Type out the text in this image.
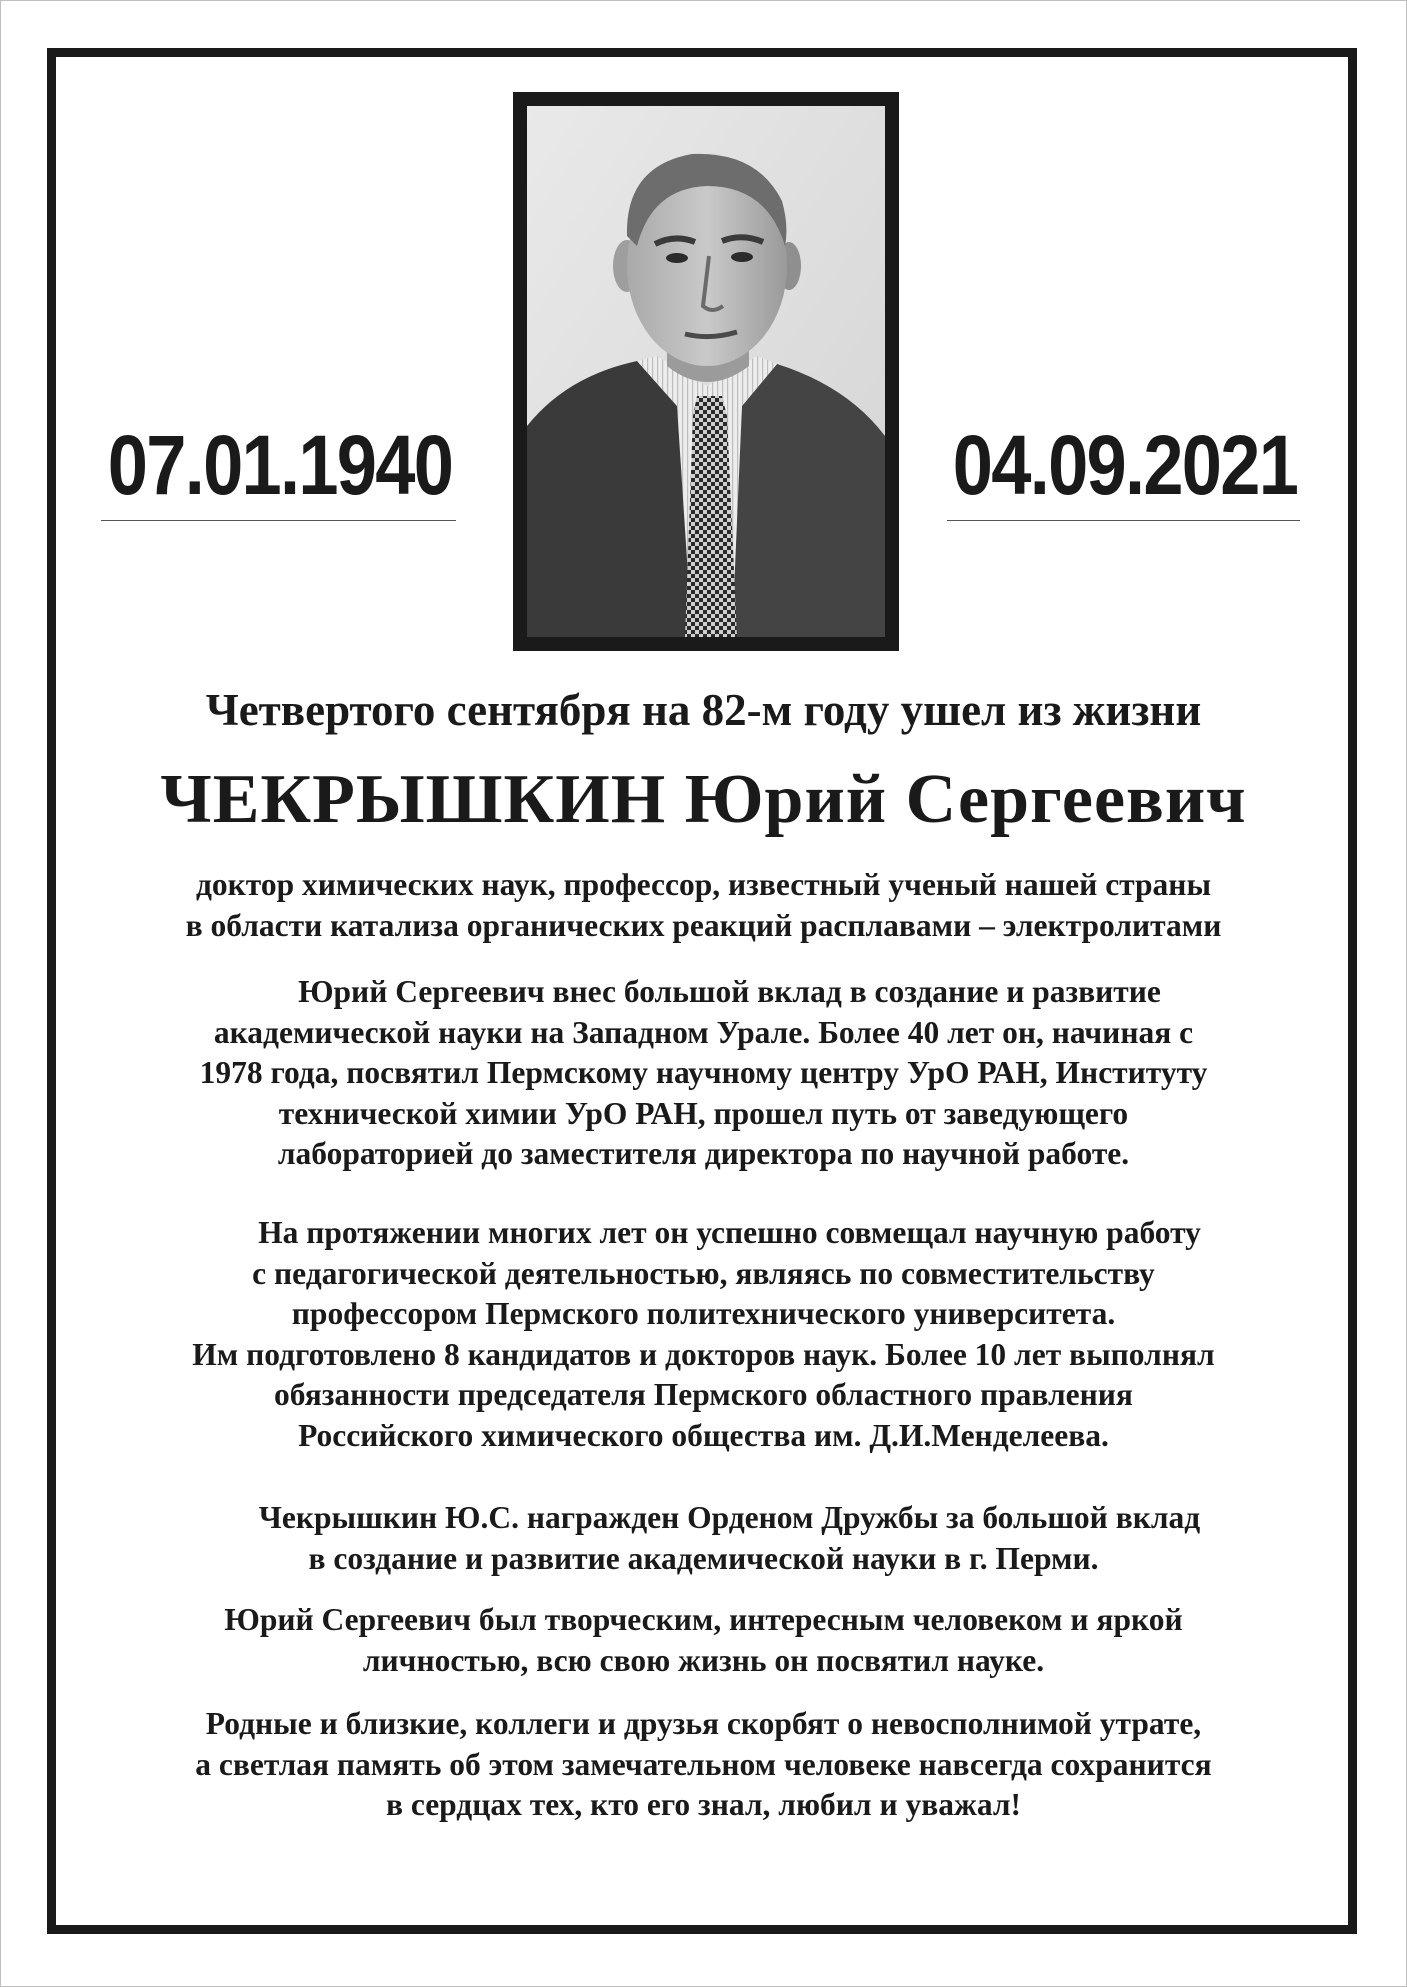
07.01.1940	04.09.2021
Четвертого сентября на 82-м году ушел из жизни
ЧЕКРЫШКИН Юрий Сергеевич
доктор химических наук, профессор, известный ученый нашей страны
в области катализа органических реакций расплавами – электролитами
Юрий Сергеевич внес большой вклад в создание и развитие
академической науки на Западном Урале. Более 40 лет он, начиная с
1978 года, посвятил Пермскому научному центру УрО РАН, Институту
технической химии УрО РАН, прошел путь от заведующего
лабораторией до заместителя директора по научной работе.
На протяжении многих лет он успешно совмещал научную работу
с педагогической деятельностью, являясь по совместительству
профессором Пермского политехнического университета.
Им подготовлено 8 кандидатов и докторов наук. Более 10 лет выполнял
обязанности председателя Пермского областного правления
Российского химического общества им. Д.И.Менделеева.
Чекрышкин Ю.С. награжден Орденом Дружбы за большой вклад
в создание и развитие академической науки в г. Перми.
Юрий Сергеевич был творческим, интересным человеком и яркой
личностью, всю свою жизнь он посвятил науке.
Родные и близкие, коллеги и друзья скорбят о невосполнимой утрате,
а светлая память об этом замечательном человеке навсегда сохранится
в сердцах тех, кто его знал, любил и уважал!
